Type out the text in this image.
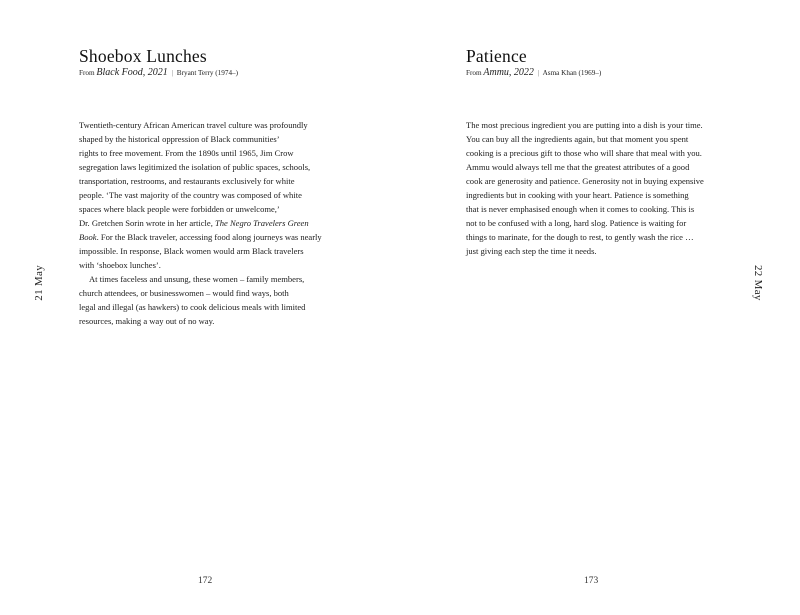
Shoebox Lunches
From Black Food, 2021 | Bryant Terry (1974–)
Twentieth-century African American travel culture was profoundly
shaped by the historical oppression of Black communities’
rights to free movement. From the 1890s until 1965, Jim Crow
segregation laws legitimized the isolation of public spaces, schools,
transportation, restrooms, and restaurants exclusively for white
people. ‘The vast majority of the country was composed of white
spaces where black people were forbidden or unwelcome,’
Dr. Gretchen Sorin wrote in her article, The Negro Travelers Green
Book. For the Black traveler, accessing food along journeys was nearly
impossible. In response, Black women would arm Black travelers
with ‘shoebox lunches’.
At times faceless and unsung, these women – family members,
church attendees, or businesswomen – would find ways, both
legal and illegal (as hawkers) to cook delicious meals with limited
resources, making a way out of no way.
21 May
172
Patience
From Ammu, 2022 | Asma Khan (1969–)
The most precious ingredient you are putting into a dish is your time.
You can buy all the ingredients again, but that moment you spent
cooking is a precious gift to those who will share that meal with you.
Ammu would always tell me that the greatest attributes of a good
cook are generosity and patience. Generosity not in buying expensive
ingredients but in cooking with your heart. Patience is something
that is never emphasised enough when it comes to cooking. This is
not to be confused with a long, hard slog. Patience is waiting for
things to marinate, for the dough to rest, to gently wash the rice …
just giving each step the time it needs.
22 May
173
